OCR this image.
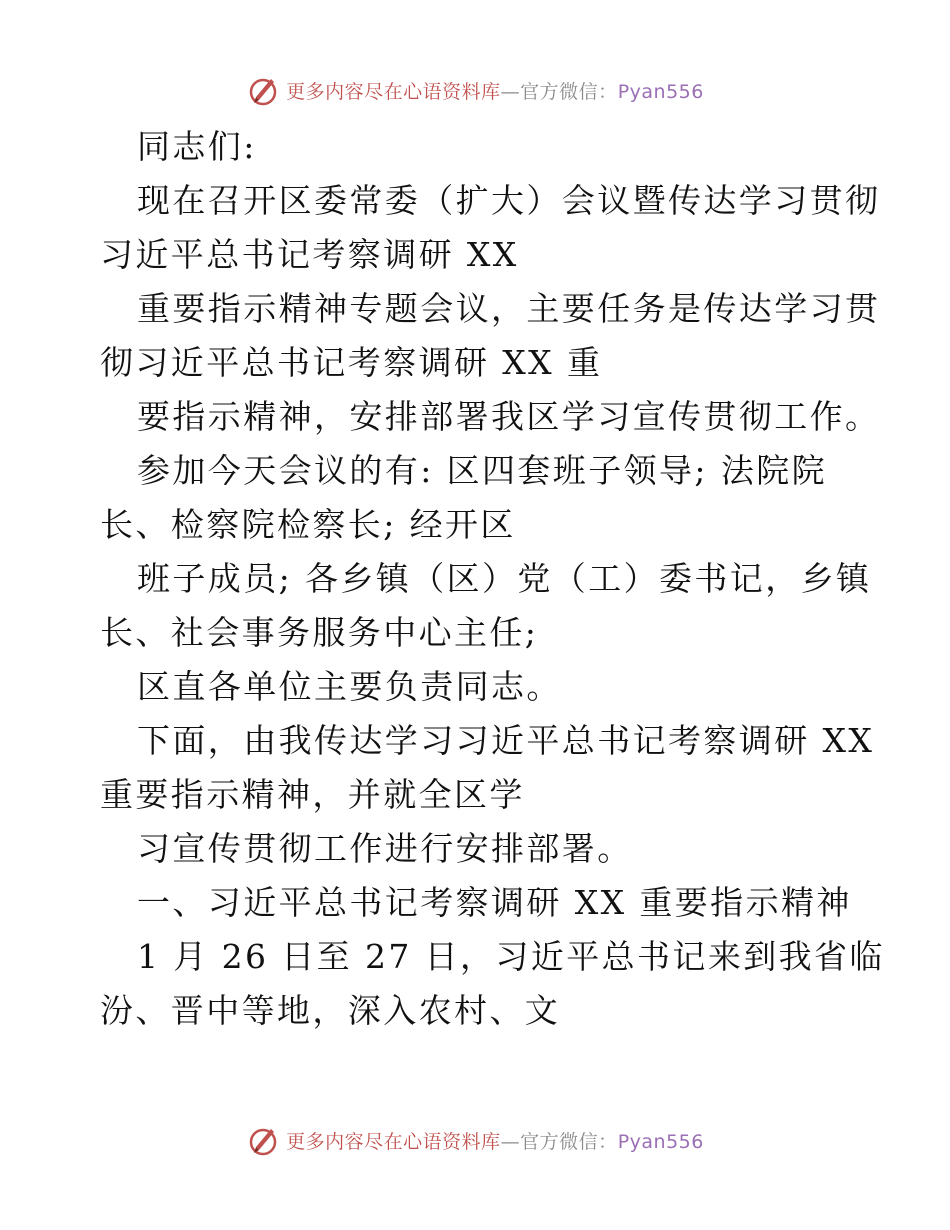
更多内容尽在心语资料库—官方微信：Pyan556
同志们:
现在召开区委常委（扩大）会议暨传达学习贯彻
习近平总书记考察调研 XX
重要指示精神专题会议，主要任务是传达学习贯
彻习近平总书记考察调研 XX 重
要指示精神，安排部署我区学习宣传贯彻工作。
参加今天会议的有: 区四套班子领导; 法院院
长、检察院检察长; 经开区
班子成员; 各乡镇（区）党（工）委书记，乡镇
长、社会事务服务中心主任;
区直各单位主要负责同志。
下面，由我传达学习习近平总书记考察调研 XX
重要指示精神，并就全区学
习宣传贯彻工作进行安排部署。
一、习近平总书记考察调研 XX 重要指示精神
1 月 26 日至 27 日，习近平总书记来到我省临
汾、晋中等地，深入农村、文
更多内容尽在心语资料库—官方微信：Pyan556
